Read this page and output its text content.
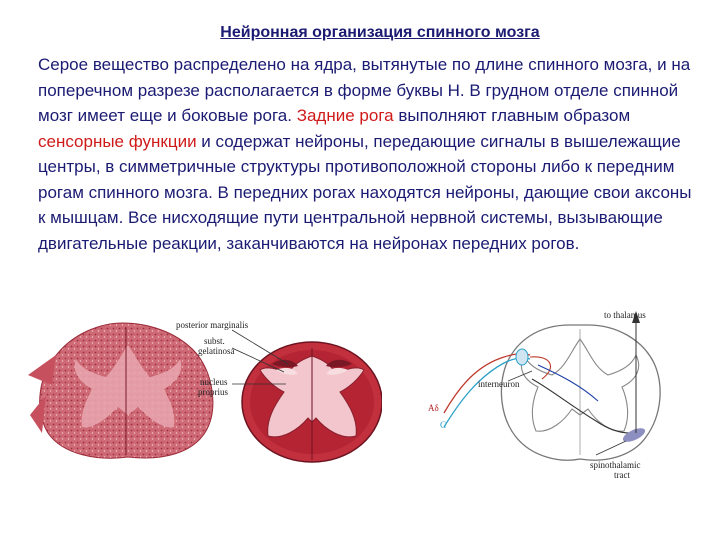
Нейронная организация спинного мозга
Серое вещество распределено на ядра, вытянутые по длине спинного мозга, и на поперечном разрезе располагается в форме буквы Н. В грудном отделе спинной мозг имеет еще и боковые рога. Задние рога выполняют главным образом сенсорные функции и содержат нейроны, передающие сигналы в вышележащие центры, в симметричные структуры противоположной стороны либо к передним рогам спинного мозга. В передних рогах находятся нейроны, дающие свои аксоны к мышцам. Все нисходящие пути центральной нервной системы, вызывающие двигательные реакции, заканчиваются на нейронах передних рогов.
posterior marginalis
subst.
gelatinosa
nucleus
proprius
to thalamus
interneuron
Aδ
C
spinothalamic
tract
